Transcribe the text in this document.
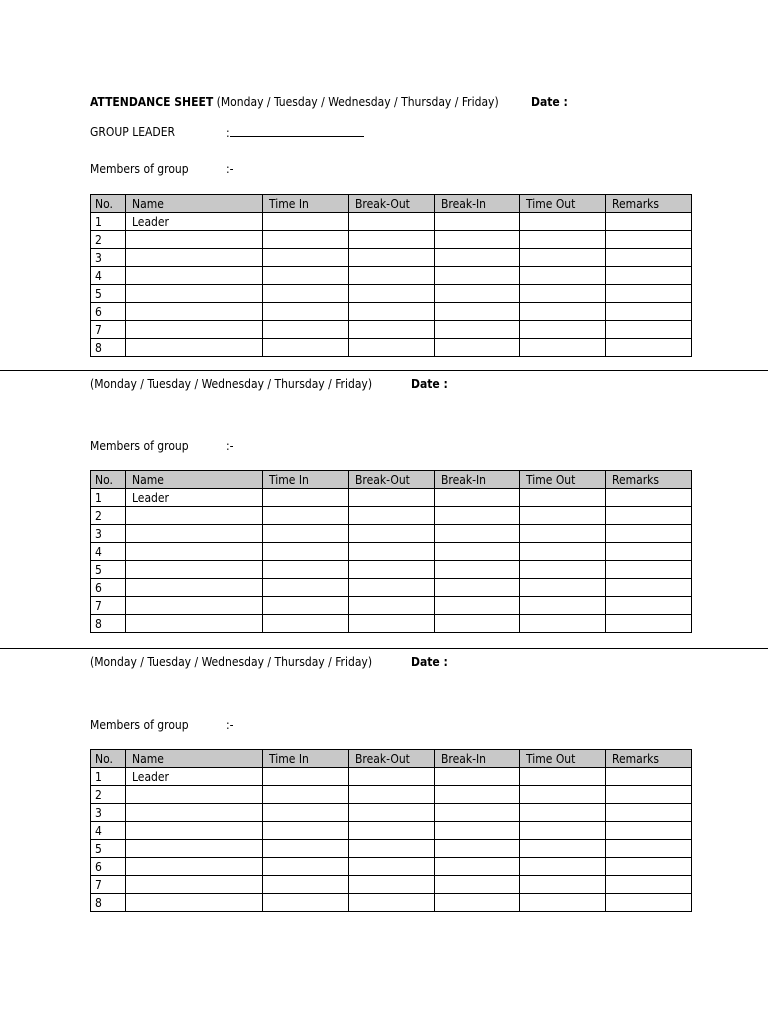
ATTENDANCE SHEET (Monday / Tuesday / Wednesday / Thursday / Friday)	Date :
GROUP LEADER	:
Members of group	:-
No.	Name	Time In	Break-Out	Break-In	Time Out	Remarks
1	Leader					
2						
3						
4						
5						
6						
7						
8						
(Monday / Tuesday / Wednesday / Thursday / Friday)	Date :
Members of group	:-
No.	Name	Time In	Break-Out	Break-In	Time Out	Remarks
1	Leader					
2						
3						
4						
5						
6						
7						
8						
(Monday / Tuesday / Wednesday / Thursday / Friday)	Date :
Members of group	:-
No.	Name	Time In	Break-Out	Break-In	Time Out	Remarks
1	Leader					
2						
3						
4						
5						
6						
7						
8						
